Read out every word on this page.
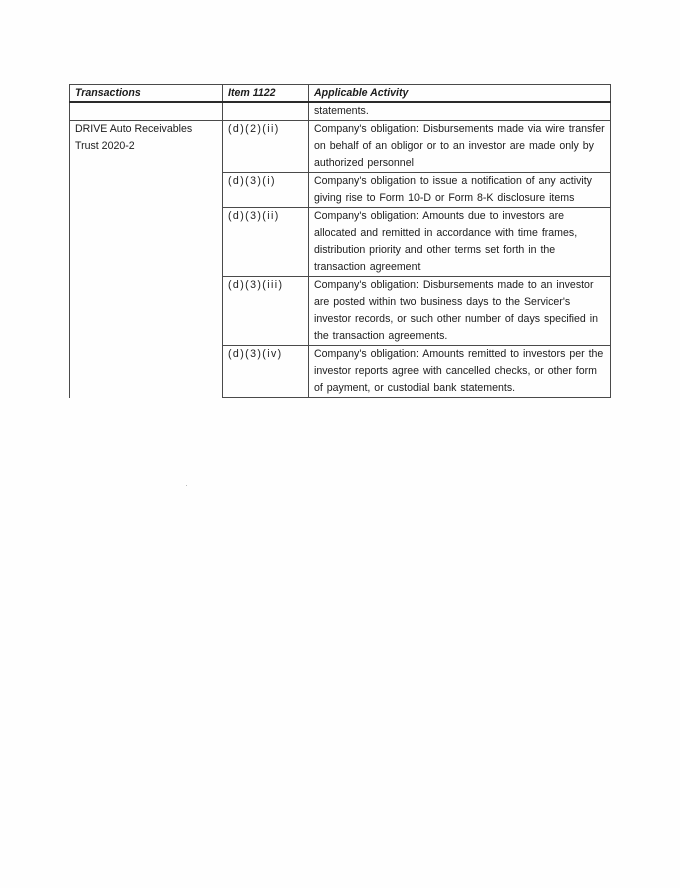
Transactions	Item 1122	Applicable Activity
		statements.
DRIVE Auto Receivables Trust 2020-2	(d)(2)(ii)	Company's obligation: Disbursements made via wire transfer on behalf of an obligor or to an investor are made only by authorized personnel
	(d)(3)(i)	Company's obligation to issue a notification of any activity giving rise to Form 10-D or Form 8-K disclosure items
	(d)(3)(ii)	Company's obligation: Amounts due to investors are allocated and remitted in accordance with time frames, distribution priority and other terms set forth in the transaction agreement
	(d)(3)(iii)	Company's obligation: Disbursements made to an investor are posted within two business days to the Servicer's investor records, or such other number of days specified in the transaction agreements.
	(d)(3)(iv)	Company's obligation: Amounts remitted to investors per the investor reports agree with cancelled checks, or other form of payment, or custodial bank statements.
